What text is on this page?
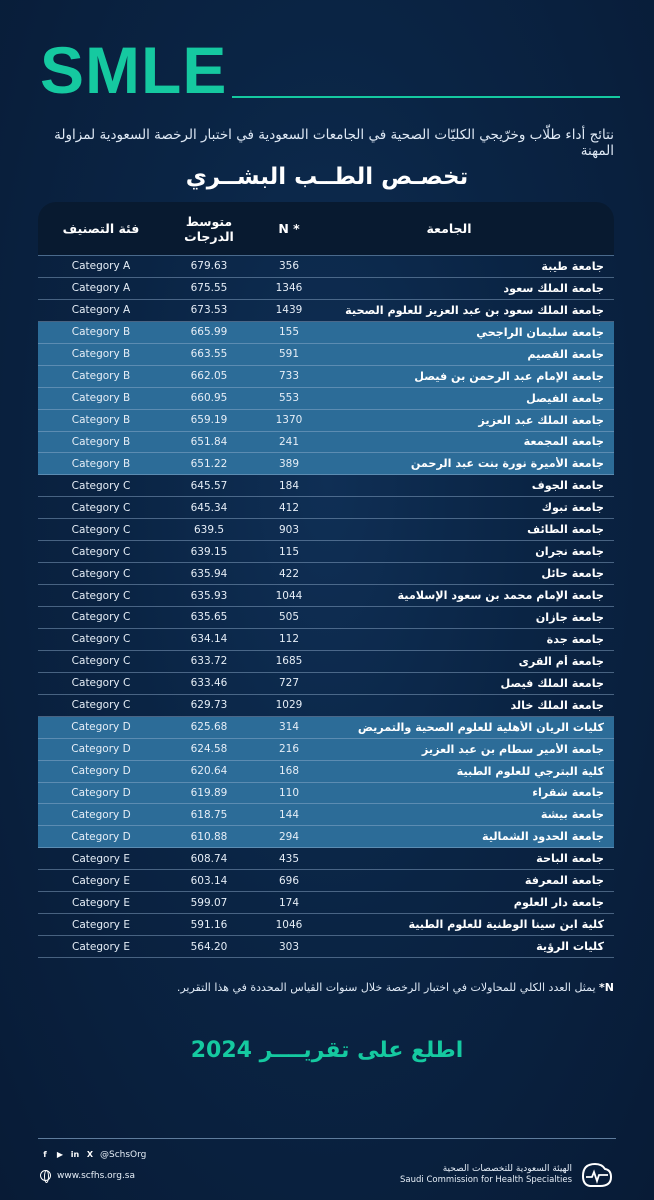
SMLE
نتائج أداء طلّاب وخرّيجي الكليّات الصحية في الجامعات السعودية في اختبار الرخصة السعودية لمزاولة المهنة
تخصـص الطــب البشــري
فئة التصنيف	متوسط الدرجات	N *	الجامعة
Category A	679.63	356	جامعة طيبة
Category A	675.55	1346	جامعة الملك سعود
Category A	673.53	1439	جامعة الملك سعود بن عبد العزيز للعلوم الصحية
Category B	665.99	155	جامعة سليمان الراجحي
Category B	663.55	591	جامعة القصيم
Category B	662.05	733	جامعة الإمام عبد الرحمن بن فيصل
Category B	660.95	553	جامعة الفيصل
Category B	659.19	1370	جامعة الملك عبد العزيز
Category B	651.84	241	جامعة المجمعة
Category B	651.22	389	جامعة الأميرة نورة بنت عبد الرحمن
Category C	645.57	184	جامعة الجوف
Category C	645.34	412	جامعة تبوك
Category C	639.5	903	جامعة الطائف
Category C	639.15	115	جامعة نجران
Category C	635.94	422	جامعة حائل
Category C	635.93	1044	جامعة الإمام محمد بن سعود الإسلامية
Category C	635.65	505	جامعة جازان
Category C	634.14	112	جامعة جدة
Category C	633.72	1685	جامعة أم القرى
Category C	633.46	727	جامعة الملك فيصل
Category C	629.73	1029	جامعة الملك خالد
Category D	625.68	314	كليات الريان الأهلية للعلوم الصحية والتمريض
Category D	624.58	216	جامعة الأمير سطام بن عبد العزيز
Category D	620.64	168	كلية البترجي للعلوم الطبية
Category D	619.89	110	جامعة شقراء
Category D	618.75	144	جامعة بيشة
Category D	610.88	294	جامعة الحدود الشمالية
Category E	608.74	435	جامعة الباحة
Category E	603.14	696	جامعة المعرفة
Category E	599.07	174	جامعة دار العلوم
Category E	591.16	1046	كلية ابن سينا الوطنية للعلوم الطبية
Category E	564.20	303	كليات الرؤية
N* يمثل العدد الكلي للمحاولات في اختبار الرخصة خلال سنوات القياس المحددة في هذا التقرير.
اطلع على تقريــــر 2024
f	▶ in X @SchsOrg
www.scfhs.org.sa
الهيئة السعودية للتخصصات الصحية
Saudi Commission for Health Specialties
